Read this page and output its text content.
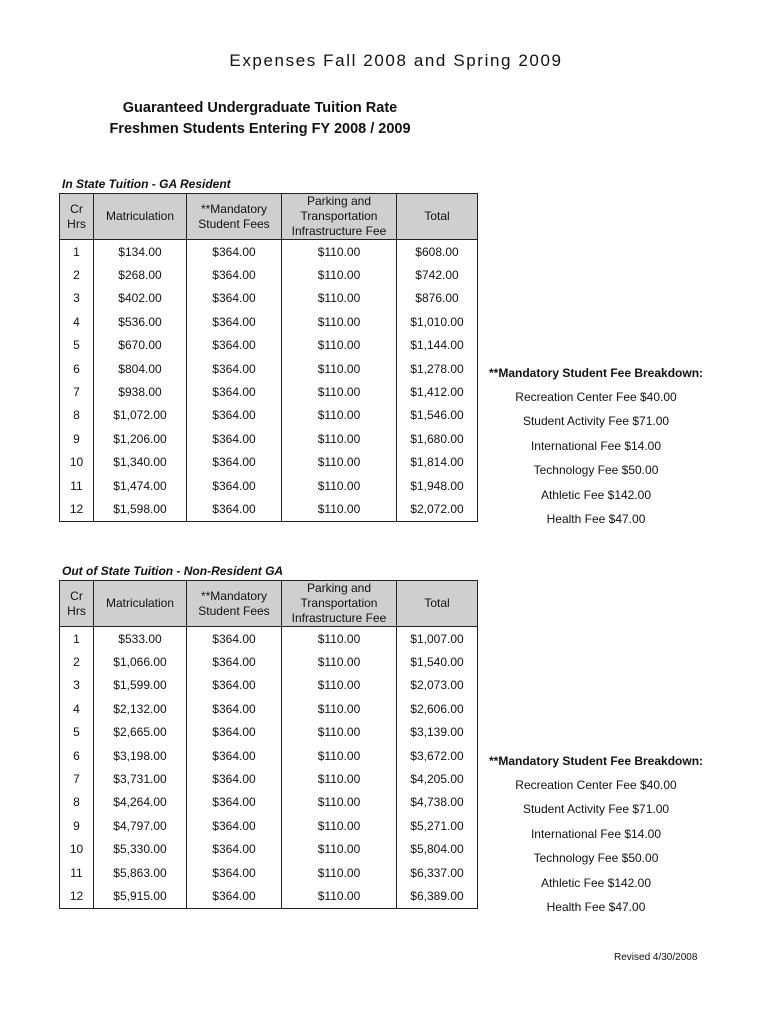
Expenses Fall 2008 and Spring 2009
Guaranteed Undergraduate Tuition Rate
Freshmen Students Entering FY 2008 / 2009
In State Tuition - GA Resident
Cr Hrs	Matriculation	**Mandatory Student Fees	Parking and Transportation Infrastructure Fee	Total
1	$134.00	$364.00	$110.00	$608.00
2	$268.00	$364.00	$110.00	$742.00
3	$402.00	$364.00	$110.00	$876.00
4	$536.00	$364.00	$110.00	$1,010.00
5	$670.00	$364.00	$110.00	$1,144.00
6	$804.00	$364.00	$110.00	$1,278.00
7	$938.00	$364.00	$110.00	$1,412.00
8	$1,072.00	$364.00	$110.00	$1,546.00
9	$1,206.00	$364.00	$110.00	$1,680.00
10	$1,340.00	$364.00	$110.00	$1,814.00
11	$1,474.00	$364.00	$110.00	$1,948.00
12	$1,598.00	$364.00	$110.00	$2,072.00
**Mandatory Student Fee Breakdown:
Recreation Center Fee $40.00
Student Activity Fee $71.00
International Fee $14.00
Technology Fee $50.00
Athletic Fee $142.00
Health Fee $47.00
Out of State Tuition - Non-Resident GA
Cr Hrs	Matriculation	**Mandatory Student Fees	Parking and Transportation Infrastructure Fee	Total
1	$533.00	$364.00	$110.00	$1,007.00
2	$1,066.00	$364.00	$110.00	$1,540.00
3	$1,599.00	$364.00	$110.00	$2,073.00
4	$2,132.00	$364.00	$110.00	$2,606.00
5	$2,665.00	$364.00	$110.00	$3,139.00
6	$3,198.00	$364.00	$110.00	$3,672.00
7	$3,731.00	$364.00	$110.00	$4,205.00
8	$4,264.00	$364.00	$110.00	$4,738.00
9	$4,797.00	$364.00	$110.00	$5,271.00
10	$5,330.00	$364.00	$110.00	$5,804.00
11	$5,863.00	$364.00	$110.00	$6,337.00
12	$5,915.00	$364.00	$110.00	$6,389.00
**Mandatory Student Fee Breakdown:
Recreation Center Fee $40.00
Student Activity Fee $71.00
International Fee $14.00
Technology Fee $50.00
Athletic Fee $142.00
Health Fee $47.00
Revised 4/30/2008
